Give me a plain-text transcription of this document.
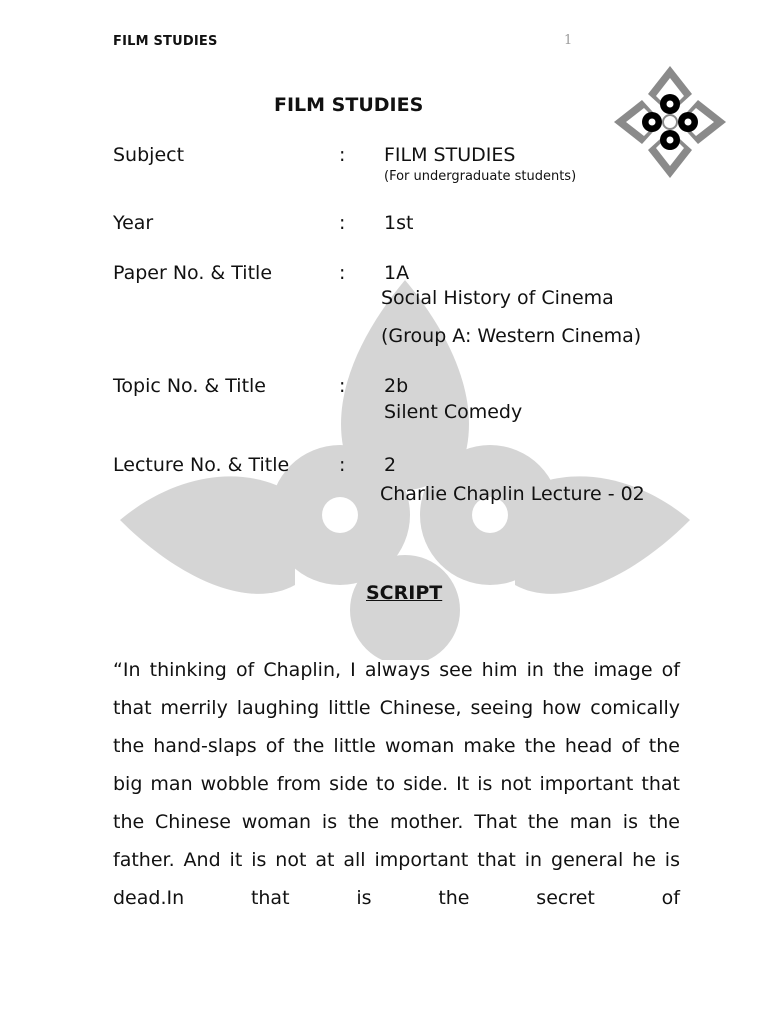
FILM STUDIES	1
FILM STUDIES
Subject	: FILM STUDIES
(For undergraduate students)
Year	: 1st
Paper No. & Title	: 1A
Social History of Cinema
(Group A: Western Cinema)
Topic No. & Title	: 2b
Silent Comedy
Lecture No. & Title	: 2
Charlie Chaplin Lecture - 02
SCRIPT

“In thinking of Chaplin, I always see him in the image of that merrily laughing little Chinese, seeing how comically the hand-slaps of the little woman make the head of the big man wobble from side to side. It is not important that the Chinese woman is the mother. That the man is the father. And it is not at all important that in general he is dead.In that is the secret of
